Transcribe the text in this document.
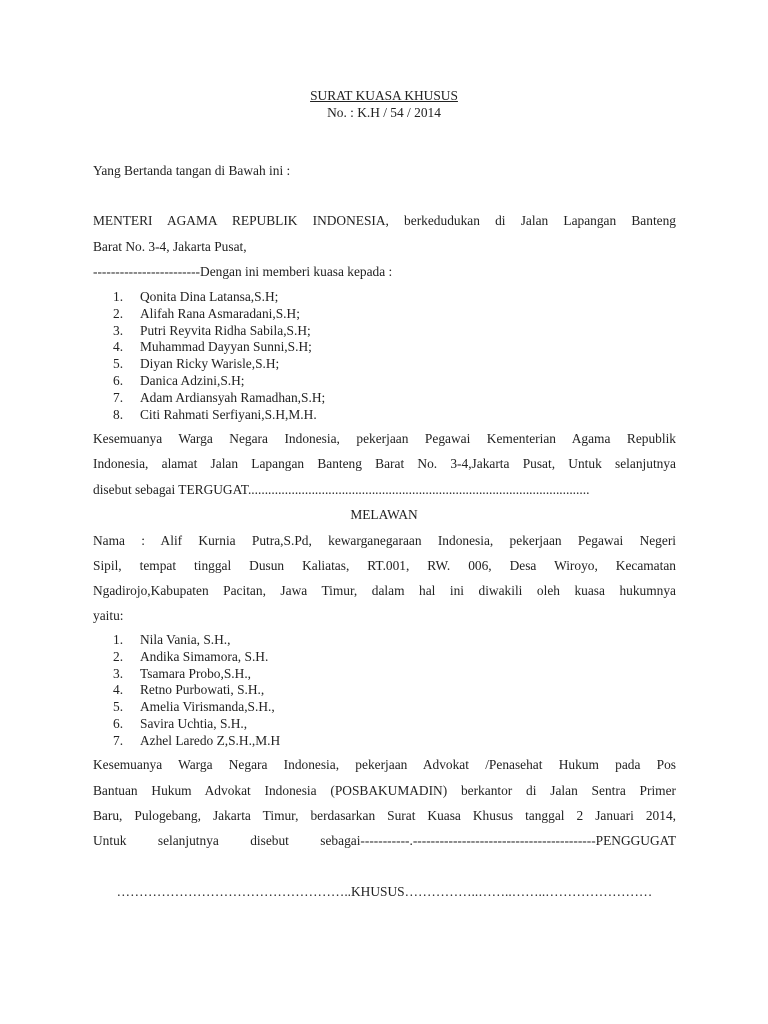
SURAT KUASA KHUSUS
No. : K.H / 54 / 2014
Yang Bertanda tangan di Bawah ini :
MENTERI AGAMA REPUBLIK INDONESIA, berkedudukan di Jalan Lapangan Banteng
Barat No. 3-4, Jakarta Pusat,
------------------------Dengan ini memberi kuasa kepada :
1.	Qonita Dina Latansa,S.H;
2.	Alifah Rana Asmaradani,S.H;
3.	Putri Reyvita Ridha Sabila,S.H;
4.	Muhammad Dayyan Sunni,S.H;
5.	Diyan Ricky Warisle,S.H;
6.	Danica Adzini,S.H;
7.	Adam Ardiansyah Ramadhan,S.H;
8.	Citi Rahmati Serfiyani,S.H,M.H.
Kesemuanya Warga Negara Indonesia, pekerjaan Pegawai Kementerian Agama Republik
Indonesia, alamat Jalan Lapangan Banteng Barat No. 3-4,Jakarta Pusat, Untuk selanjutnya
disebut sebagai TERGUGAT......................................................................................................
MELAWAN
Nama : Alif Kurnia Putra,S.Pd, kewarganegaraan Indonesia, pekerjaan Pegawai Negeri
Sipil, tempat tinggal Dusun Kaliatas, RT.001, RW. 006, Desa Wiroyo, Kecamatan
Ngadirojo,Kabupaten Pacitan, Jawa Timur, dalam hal ini diwakili oleh kuasa hukumnya
yaitu:
1.	Nila Vania, S.H.,
2.	Andika Simamora, S.H.
3.	Tsamara Probo,S.H.,
4.	Retno Purbowati, S.H.,
5.	Amelia Virismanda,S.H.,
6.	Savira Uchtia, S.H.,
7.	Azhel Laredo Z,S.H.,M.H
Kesemuanya Warga Negara Indonesia, pekerjaan Advokat /Penasehat Hukum pada Pos
Bantuan Hukum Advokat Indonesia (POSBAKUMADIN) berkantor di Jalan Sentra Primer
Baru, Pulogebang, Jakarta Timur, berdasarkan Surat Kuasa Khusus tanggal 2 Januari 2014,
Untuk selanjutnya disebut sebagai-----------.-----------------------------------------PENGGUGAT
……………………………………………..KHUSUS……………..……..……..……………………
